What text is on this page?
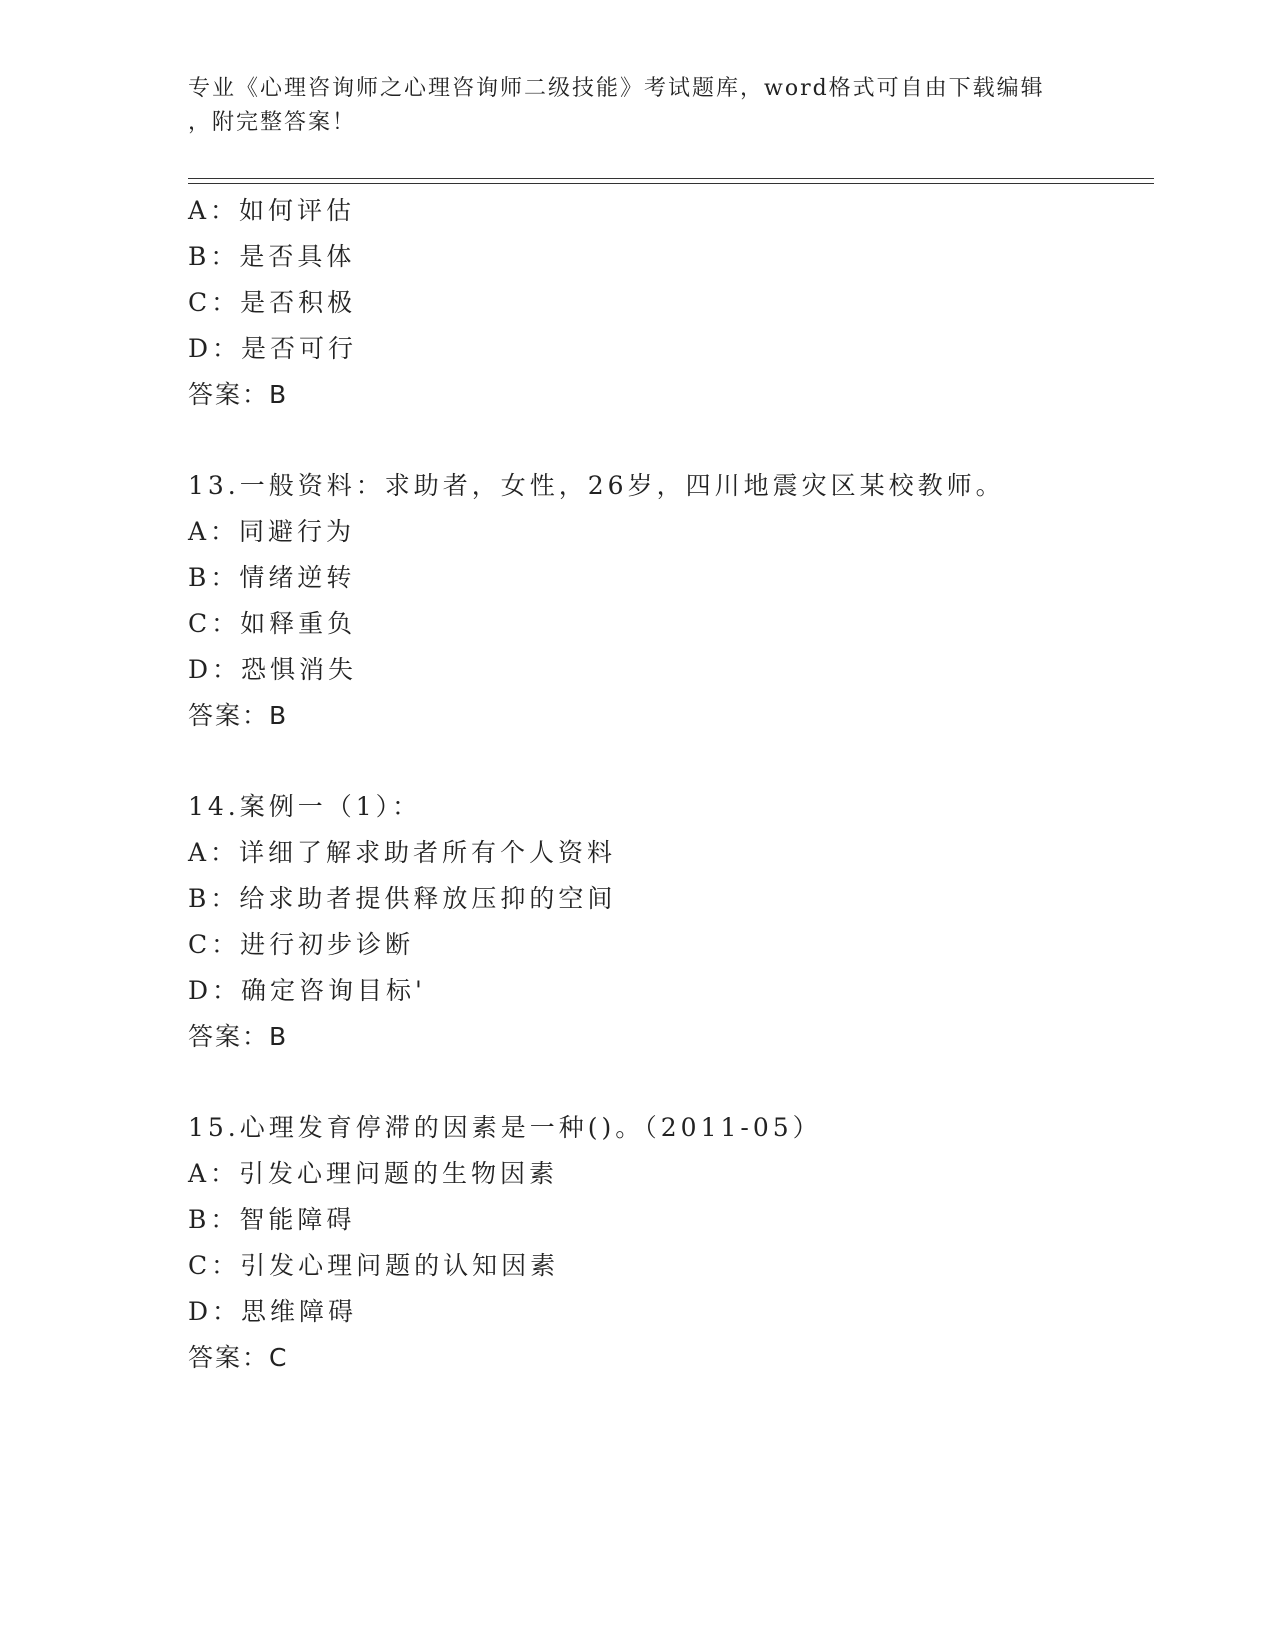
专业《心理咨询师之心理咨询师二级技能》考试题库，word格式可自由下载编辑
，附完整答案！
A：如何评估
B：是否具体
C：是否积极
D：是否可行
答案：B
13.一般资料：求助者，女性，26岁，四川地震灾区某校教师。
A：同避行为
B：情绪逆转
C：如释重负
D：恐惧消失
答案：B
14.案例一（1）：
A：详细了解求助者所有个人资料
B：给求助者提供释放压抑的空间
C：进行初步诊断
D：确定咨询目标'
答案：B
15.心理发育停滞的因素是一种()。（2011-05）
A：引发心理问题的生物因素
B：智能障碍
C：引发心理问题的认知因素
D：思维障碍
答案：C
